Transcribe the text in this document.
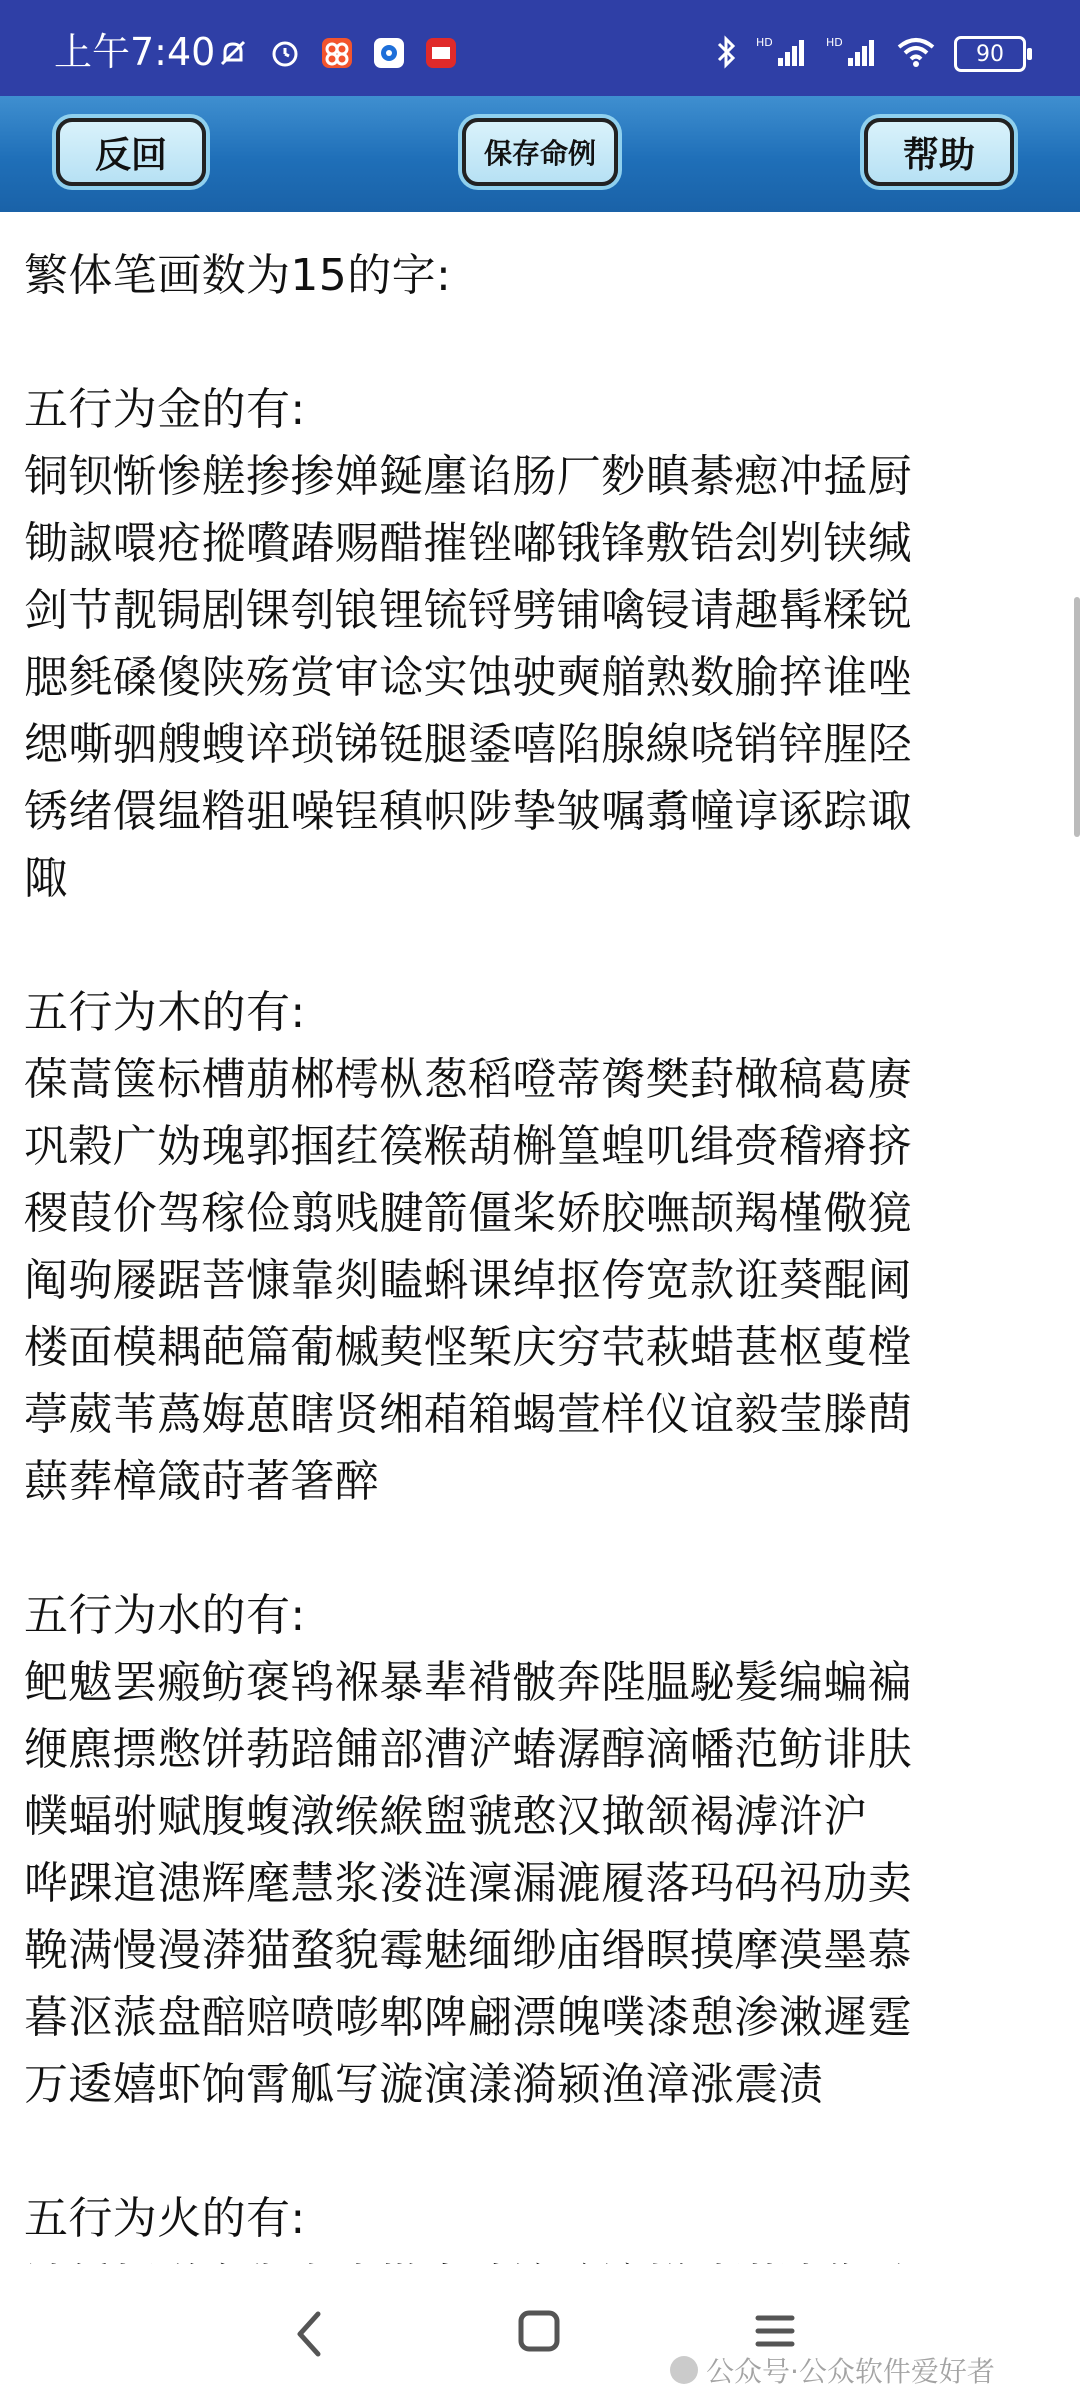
上午7:40	HD	HD	90
反回	保存命例	帮助
繁体笔画数为15的字:
五行为金的有:
铜钡惭惨艖掺掺婵鋋廛谄肠厂麨瞋綦瘛冲掹厨
锄諔噮疮摐嚽踳赐醋摧锉嘟锇锋敷锆刽刿铗缄
剑节靓锔剧锞刳锒锂锍锊劈铺噙锓请趣髯糅锐
腮毵磉傻陕殇赏审谂实蚀驶奭艏熟数腧捽谁唑
缌嘶驷艘螋谇琐锑铤腿鋈嘻陷腺線哓销锌腥陉
锈绪儇缊糌驵噪锃稹帜陟挚皱嘱翥幢谆诼踪诹
陬
五行为木的有:
葆蒿箧标槽萠郴樗枞葱稻噔蒂膐樊葑橄稿葛赓
巩榖广妫瑰郭掴荭篌糇葫槲篁蝗叽缉赍稽瘠挤
稷葭价驾稼俭翦贱腱箭僵桨娇胶嘸颉羯槿儆獍
阄驹屦踞菩慷靠剡瞌蝌课绰抠侉宽款诳葵醌阃
楼面模耦葩篇葡槭葜悭椠庆穷茕萩蜡葚枢蓃樘
葶葳苇蔿娒葸瞎贤缃葙箱蝎萱样仪谊毅莹滕蔄
蕻葬樟箴莳著箸醉
五行为水的有:
鲃魃罢瘢鲂褒鸨褓暴辈褙骳奔陛腽駜髮编蝙褊
缏麃摽憋饼葧踣餔部漕浐蝽潺醇滴幡范鲂诽肤
幞蝠驸赋腹蝮潡缑緱盥虢憨汉撖颔褐滹浒沪
哗踝逭漶辉麾慧浆溇涟澟漏漉履落玛码祃劢卖
鞔满慢漫漭猫蝥貌霉魅缅缈庙缗瞑摸摩漠墨慕
暮沤蒎盘醅赔喷嘭郫陴翩漂魄噗漆憩渗潄遲霆
万逶嬉虾饷霄觚写漩演漾漪颍渔漳涨震渍
五行为火的有:
公众号·公众软件爱好者
